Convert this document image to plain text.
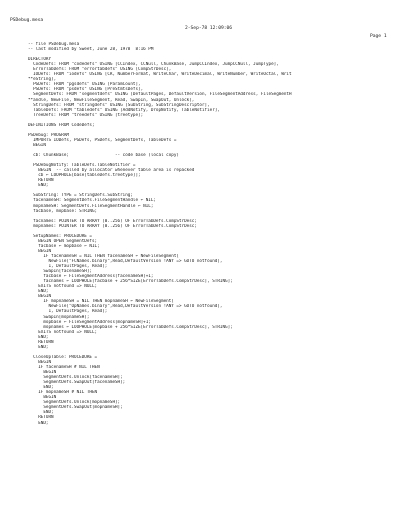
PSDebug.mesa

2-Sep-78 12:09:06

Page 1

-- file PSDebug.mesa
-- last modified by Sweet, June 28, 1978  8:16 PM
DIRECTORY
CodeDefs: FROM "codedefs" USING [CCIndex, CCNull, ChunkBase, JumpCCIndex, JumpCCNull, JumpType],
ErrorTabDefs: FROM "errortabdefs" USING [CompStrDesc],
IODefs: FROM "iodefs" USING [CR, NumberFormat, WriteChar, WriteDecimal, WriteNumber, WriteOctal, Writ
**eString],
PGDefs: FROM "pgsdefs" USING [ParamCount],
PSDefs: FROM "psdefs" USING [PreStmtsDefs],
SegmentDefs: FROM "segmentdefs" USING [DefaultPages, DefaultVersion, FileSegmentAddress, FileSegmentH
**andle, NewFile, NewFileSegment, Read, SwapIn, SwapOut, Unlock],
StringDefs: FROM "stringdefs" USING [SubString, SubStringDescriptor],
TableDefs: FROM "tabledefs" USING [AddNotify, DropNotify, TableNotifier],
TreeDefs: FROM "treedefs" USING [treetype];
DEFINITIONS FROM CodeDefs;
PSDebug: PROGRAM
IMPORTS IODefs, PGDefs, PSDefs, SegmentDefs, TableDefs =
BEGIN
cb: ChunkBase;                  -- code base (local copy)
PSDebugNotify: TableDefs.TableNotifier =
BEGIN  -- called by allocator whenever table area is repacked
cb ← LOOPHOLE[base[tableDefs.treetype]];
RETURN
END;
SubString: TYPE = StringDefs.SubString;
facenameSH: SegmentDefs.FileSegmentHandle ← NIL;
mopnameSH: SegmentDefs.FileSegmentHandle ← NIL;
facbase, mopbase: STRING;
facnames: POINTER TO ARRAY [0..256) OF ErrorTabDefs.CompStrDesc;
mopnames: POINTER TO ARRAY [0..256) OF ErrorTabDefs.CompStrDesc;
SetupNames: PROCEDURE =
BEGIN OPEN SegmentDefs;
facbase ← mopbase ← NIL;
BEGIN
IF facenameSH = NIL THEN facenameSH ← NewFileSegment[
NewFile["FCNames.binary",Read,DefaultVersion !ANY => GOTO notfound],
1, DefaultPages, Read];
SwapIn[facenameSH];
facbase ← FileSegmentAddress[facenameSH]+1;
facnames ← LOOPHOLE[facbase + 256*SIZE[ErrorTabDefs.CompStrDesc], STRING];
EXITS notfound => NULL;
END;
BEGIN
IF mopnameSH = NIL THEN mopnameSH ← NewFileSegment[
NewFile["OpNames.binary",Read,DefaultVersion !ANY => GOTO notfound],
1, DefaultPages, Read];
SwapIn[mopnameSH];
mopbase ← FileSegmentAddress[mopnameSH]+1;
mopnames ← LOOPHOLE[mopbase + 256*SIZE[ErrorTabDefs.CompStrDesc], STRING];
EXITS notfound => NULL;
END;
RETURN
END;
CloseUpTable: PROCEDURE =
BEGIN
IF facenameSH # NIL THEN
BEGIN
SegmentDefs.Unlock[facenameSH];
SegmentDefs.SwapOut[facenameSH];
END;
IF mopnameSH # NIL THEN
BEGIN
SegmentDefs.Unlock[mopnameSH];
SegmentDefs.SwapOut[mopnameSH];
END;
RETURN
END;
